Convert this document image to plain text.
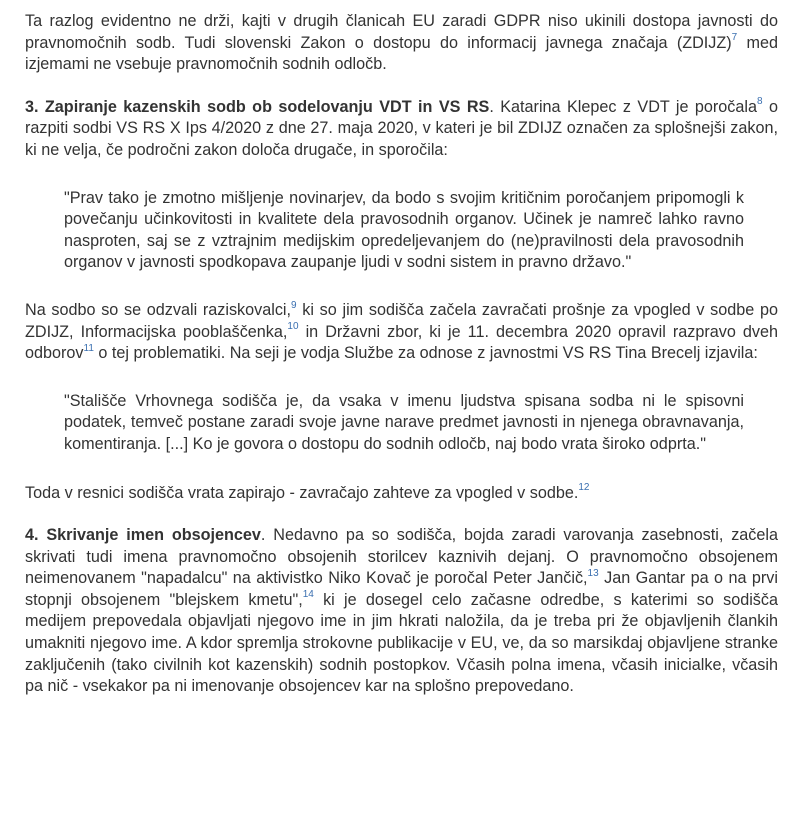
Ta razlog evidentno ne drži, kajti v drugih članicah EU zaradi GDPR niso ukinili dostopa javnosti do pravnomočnih sodb. Tudi slovenski Zakon o dostopu do informacij javnega značaja (ZDIJZ)$^7$ med izjemami ne vsebuje pravnomočnih sodnih odločb.

3. Zapiranje kazenskih sodb ob sodelovanju VDT in VS RS. Katarina Klepec z VDT je poročala$^8$ o razpiti sodbi VS RS X Ips 4/2020 z dne 27. maja 2020, v kateri je bil ZDIJZ označen za splošnejši zakon, ki ne velja, če področni zakon določa drugače, in sporočila:

"Prav tako je zmotno mišljenje novinarjev, da bodo s svojim kritičnim poročanjem pripomogli k povečanju učinkovitosti in kvalitete dela pravosodnih organov. Učinek je namreč lahko ravno nasproten, saj se z vztrajnim medijskim opredeljevanjem do (ne)pravilnosti dela pravosodnih organov v javnosti spodkopava zaupanje ljudi v sodni sistem in pravno državo."

Na sodbo so se odzvali raziskovalci,$^9$ ki so jim sodišča začela zavračati prošnje za vpogled v sodbe po ZDIJZ, Informacijska pooblaščenka,$^{10}$ in Državni zbor, ki je 11. decembra 2020 opravil razpravo dveh odborov$^{11}$ o tej problematiki. Na seji je vodja Službe za odnose z javnostmi VS RS Tina Brecelj izjavila:

"Stališče Vrhovnega sodišča je, da vsaka v imenu ljudstva spisana sodba ni le spisovni podatek, temveč postane zaradi svoje javne narave predmet javnosti in njenega obravnavanja, komentiranja. [...] Ko je govora o dostopu do sodnih odločb, naj bodo vrata široko odprta."

Toda v resnici sodišča vrata zapirajo - zavračajo zahteve za vpogled v sodbe.$^{12}$

4. Skrivanje imen obsojencev. Nedavno pa so sodišča, bojda zaradi varovanja zasebnosti, začela skrivati tudi imena pravnomočno obsojenih storilcev kaznivih dejanj. O pravnomočno obsojenem neimenovanem "napadalcu" na aktivistko Niko Kovač je poročal Peter Jančič,$^{13}$ Jan Gantar pa o na prvi stopnji obsojenem "blejskem kmetu",$^{14}$ ki je dosegel celo začasne odredbe, s katerimi so sodišča medijem prepovedala objavljati njegovo ime in jim hkrati naložila, da je treba pri že objavljenih člankih umakniti njegovo ime. A kdor spremlja strokovne publikacije v EU, ve, da so marsikdaj objavljene stranke zaključenih (tako civilnih kot kazenskih) sodnih postopkov. Včasih polna imena, včasih inicialke, včasih pa nič - vsekakor pa ni imenovanje obsojencev kar na splošno prepovedano.
